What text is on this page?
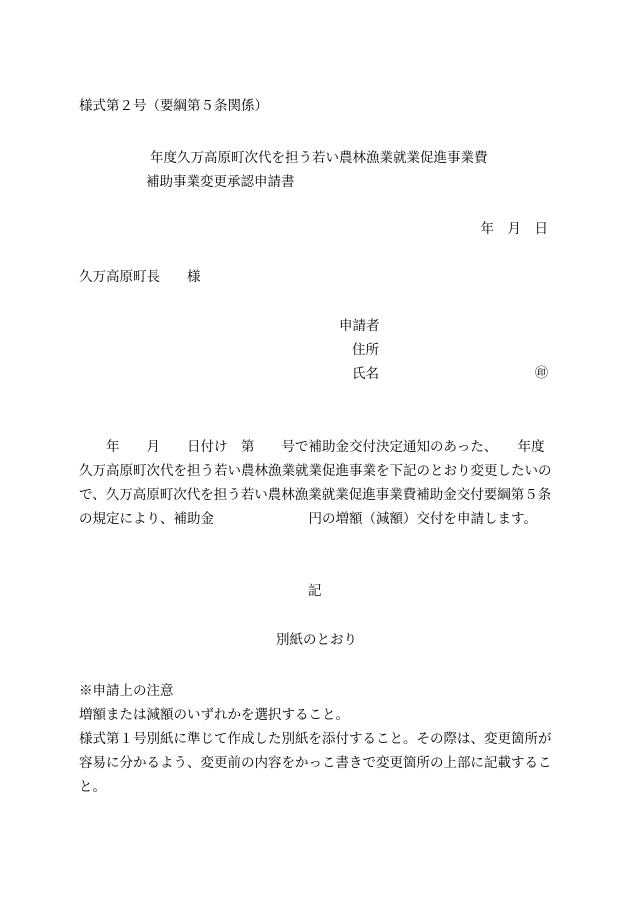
様式第２号（要綱第５条関係）
年度久万高原町次代を担う若い農林漁業就業促進事業費
補助事業変更承認申請書
年　月　日
久万高原町長　　様
申請者
住所
氏名	㊞
年　　月　　日付け　第　　号で補助金交付決定通知のあった、　　年度
久万高原町次代を担う若い農林漁業就業促進事業を下記のとおり変更したいの
で、久万高原町次代を担う若い農林漁業就業促進事業費補助金交付要綱第５条
の規定により、補助金　　　　　　　円の増額（減額）交付を申請します。
記
別紙のとおり
※申請上の注意
増額または減額のいずれかを選択すること。
様式第１号別紙に準じて作成した別紙を添付すること。その際は、変更箇所が
容易に分かるよう、変更前の内容をかっこ書きで変更箇所の上部に記載するこ
と。
